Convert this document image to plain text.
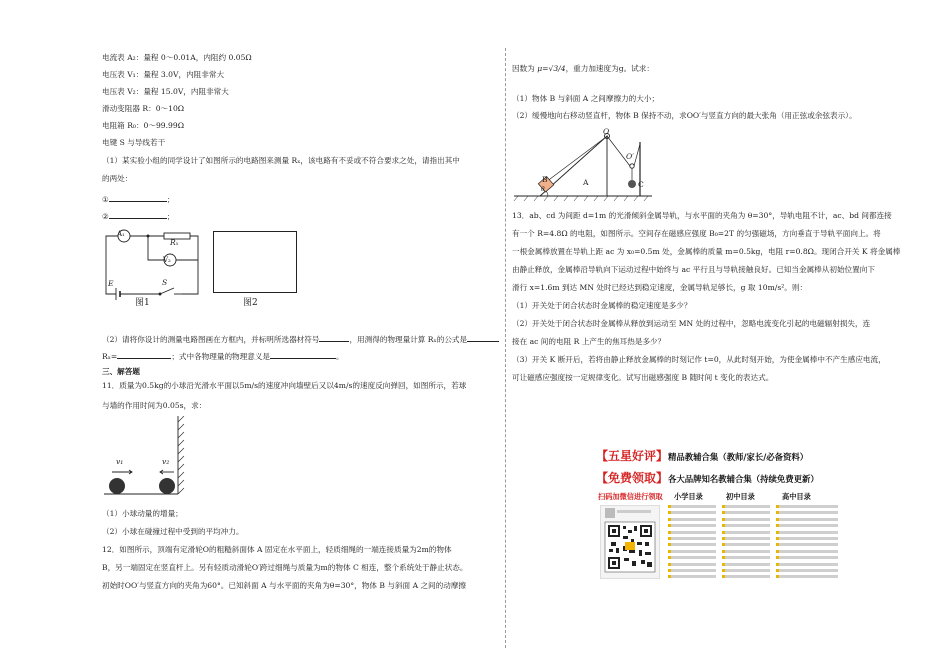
电流表 A₂：量程 0～0.01A，内阻约 0.05Ω
电压表 V₁：量程 3.0V，内阻非常大
电压表 V₂：量程 15.0V，内阻非常大
滑动变阻器 R：0～10Ω
电阻箱 R₀：0～99.99Ω
电键 S 与导线若干
（1）某实验小组的同学设计了如图所示的电路图来测量 Rₓ，该电路有不妥或不符合要求之处，请指出其中
的两处：
①	；
②	；
A₁
Rₓ
V₂
E	S
图1	图2
（2）请将你设计的测量电路图画在方框内，并标明所选器材符号	，用测得的物理量计算 Rₓ的公式是
Rₓ=	；式中各物理量的物理意义是	。
三、解答题
11．质量为0.5kg的小球沿光滑水平面以5m/s的速度冲向墙壁后又以4m/s的速度反向弹回，如图所示，若球
与墙的作用时间为0.05s，求：
v₁	v₂
（1）小球动量的增量；
（2）小球在碰撞过程中受到的平均冲力。
12．如图所示，顶端有定滑轮O的粗糙斜面体 A 固定在水平面上，轻质细绳的一端连接质量为2m的物体
B，另一端固定在竖直杆上。另有轻质动滑轮O′跨过细绳与质量为m的物体 C 相连，整个系统处于静止状态。
初始时OO′与竖直方向的夹角为60°。已知斜面 A 与水平面的夹角为θ=30°，物体 B 与斜面 A 之间的动摩擦
因数为 μ=√3/4，重力加速度为g。试求：
（1）物体 B 与斜面 A 之间摩擦力的大小；
（2）缓慢地向右移动竖直杆，物体 B 保持不动，求OO′与竖直方向的最大张角（用正弦或余弦表示）。
O
O′
A
B
C
θ
13．ab、cd 为间距 d=1m 的光滑倾斜金属导轨，与水平面的夹角为 θ=30°，导轨电阻不计，ac、bd 间都连接
有一个 R=4.8Ω 的电阻，如图所示。空间存在磁感应强度 B₀=2T 的匀强磁场，方向垂直于导轨平面向上。将
一根金属棒放置在导轨上距 ac 为 x₀=0.5m 处，金属棒的质量 m=0.5kg，电阻 r=0.8Ω。现闭合开关 K 将金属棒
由静止释放，金属棒沿导轨向下运动过程中始终与 ac 平行且与导轨接触良好。已知当金属棒从初始位置向下
滑行 x=1.6m 到达 MN 处时已经达到稳定速度，金属导轨足够长，g 取 10m/s²。则：
（1）开关处于闭合状态时金属棒的稳定速度是多少？
（2）开关处于闭合状态时金属棒从释放到运动至 MN 处的过程中，忽略电流变化引起的电磁辐射损失，连
接在 ac 间的电阻 R 上产生的焦耳热是多少？
（3）开关 K 断开后，若将由静止释放金属棒的时刻记作 t=0，从此时刻开始，为使金属棒中不产生感应电流，
可让磁感应强度按一定规律变化。试写出磁感强度 B 随时间 t 变化的表达式。
【五星好评】精品教辅合集（教师/家长/必备资料）
【免费领取】各大品牌知名教辅合集（持续免费更新）
扫码加微信进行领取 小学目录	初中目录	高中目录
